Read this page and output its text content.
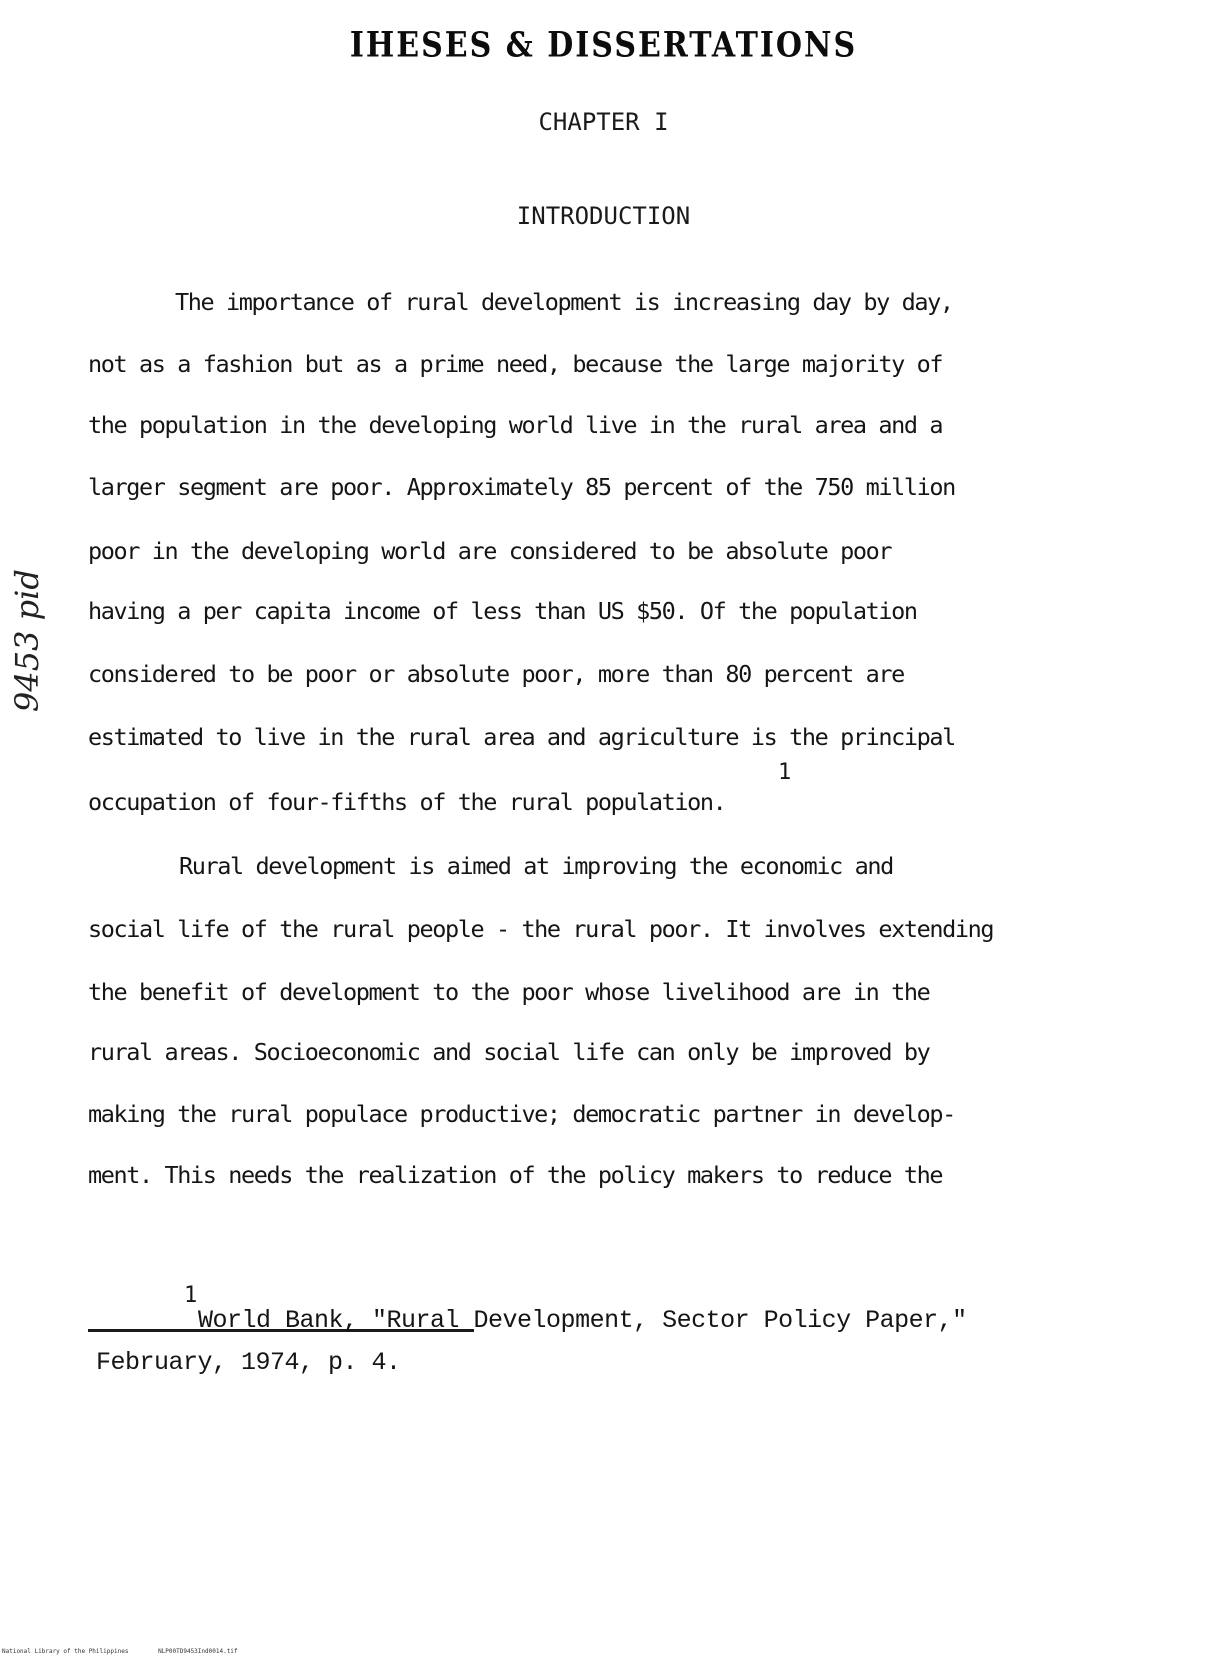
IHESES & DISSERTATIONS
CHAPTER I
INTRODUCTION
The importance of rural development is increasing day by day,
not as a fashion but as a prime need, because the large majority of
the population in the developing world live in the rural area and a
larger segment are poor. Approximately 85 percent of the 750 million
poor in the developing world are considered to be absolute poor
having a per capita income of less than US $50. Of the population
considered to be poor or absolute poor, more than 80 percent are
estimated to live in the rural area and agriculture is the principal
occupation of four-fifths of the rural population.
1
Rural development is aimed at improving the economic and
social life of the rural people - the rural poor. It involves extending
the benefit of development to the poor whose livelihood are in the
rural areas. Socioeconomic and social life can only be improved by
making the rural populace productive; democratic partner in develop-
ment. This needs the realization of the policy makers to reduce the
1
World Bank, "Rural Development, Sector Policy Paper,"
February, 1974, p. 4.
9453 pid
National Library of the Philippines	NLP00TD9453Ind0014.tif
